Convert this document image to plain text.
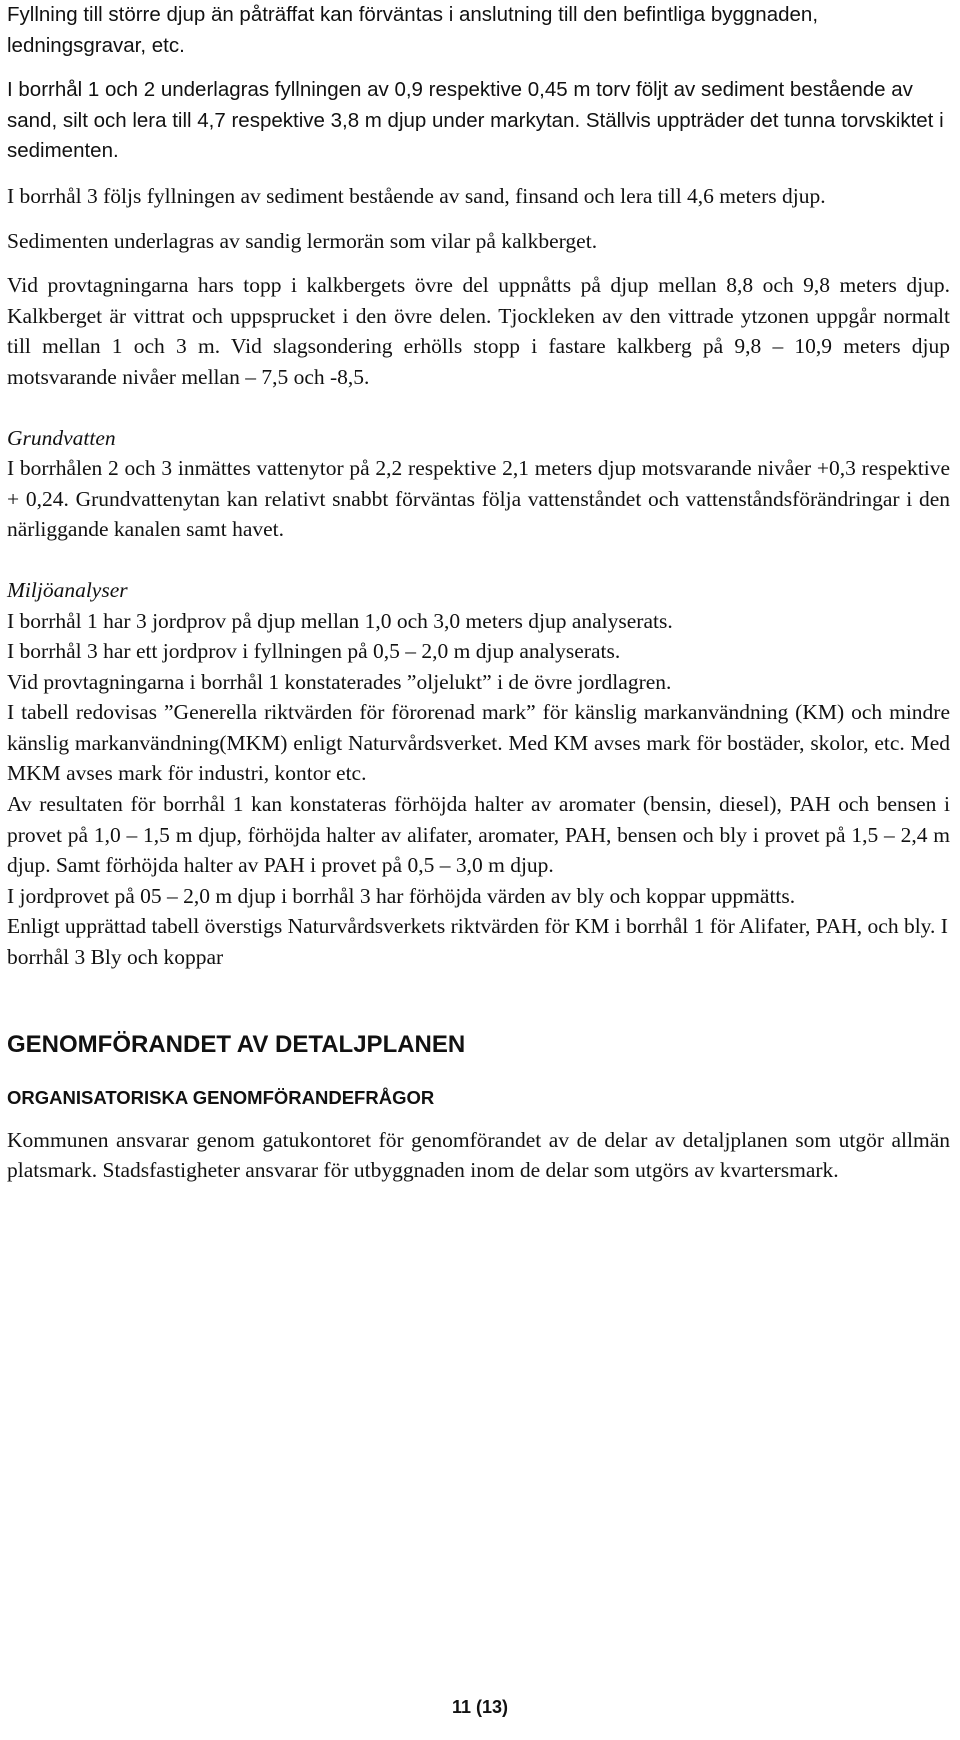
Fyllning till större djup än påträffat kan förväntas i anslutning till den befintliga byggnaden, ledningsgravar, etc.

I borrhål 1 och 2 underlagras fyllningen av 0,9 respektive 0,45 m torv följt av sediment bestående av sand, silt och lera till 4,7 respektive 3,8 m djup under markytan. Ställvis uppträder det tunna torvskiktet i sedimenten.

I borrhål 3 följs fyllningen av sediment bestående av sand, finsand och lera till 4,6 meters djup.

Sedimenten underlagras av sandig lermorän som vilar på kalkberget.

Vid provtagningarna hars topp i kalkbergets övre del uppnåtts på djup mellan 8,8 och 9,8 meters djup. Kalkberget är vittrat och uppsprucket i den övre delen. Tjockleken av den vittrade ytzonen uppgår normalt till mellan 1 och 3 m. Vid slagsondering erhölls stopp i fastare kalkberg på 9,8 – 10,9 meters djup motsvarande nivåer mellan – 7,5 och -8,5.

Grundvatten

I borrhålen 2 och 3 inmättes vattenytor på 2,2 respektive 2,1 meters djup motsvarande nivåer +0,3 respektive + 0,24. Grundvattenytan kan relativt snabbt förväntas följa vattenståndet och vattenståndsförändringar i den närliggande kanalen samt havet.

Miljöanalyser

I borrhål 1 har 3 jordprov på djup mellan 1,0 och 3,0 meters djup analyserats.

I borrhål 3 har ett jordprov i fyllningen på 0,5 – 2,0 m djup analyserats.

Vid provtagningarna i borrhål 1 konstaterades ”oljelukt” i de övre jordlagren.

I tabell redovisas ”Generella riktvärden för förorenad mark” för känslig markanvändning (KM) och mindre känslig markanvändning(MKM) enligt Naturvårdsverket. Med KM avses mark för bostäder, skolor, etc. Med MKM avses mark för industri, kontor etc.

Av resultaten för borrhål 1 kan konstateras förhöjda halter av aromater (bensin, diesel), PAH och bensen i provet på 1,0 – 1,5 m djup, förhöjda halter av alifater, aromater, PAH, bensen och bly i provet på 1,5 – 2,4 m djup. Samt förhöjda halter av PAH i provet på 0,5 – 3,0 m djup.

I jordprovet på 05 – 2,0 m djup i borrhål 3 har förhöjda värden av bly och koppar uppmätts.

Enligt upprättad tabell överstigs Naturvårdsverkets riktvärden för KM i borrhål 1 för Alifater, PAH, och bly. I borrhål 3 Bly och koppar

GENOMFÖRANDET AV DETALJPLANEN
ORGANISATORISKA GENOMFÖRANDEFRÅGOR

Kommunen ansvarar genom gatukontoret för genomförandet av de delar av detaljplanen som utgör allmän platsmark. Stadsfastigheter ansvarar för utbyggnaden inom de delar som utgörs av kvartersmark.

11 (13)
